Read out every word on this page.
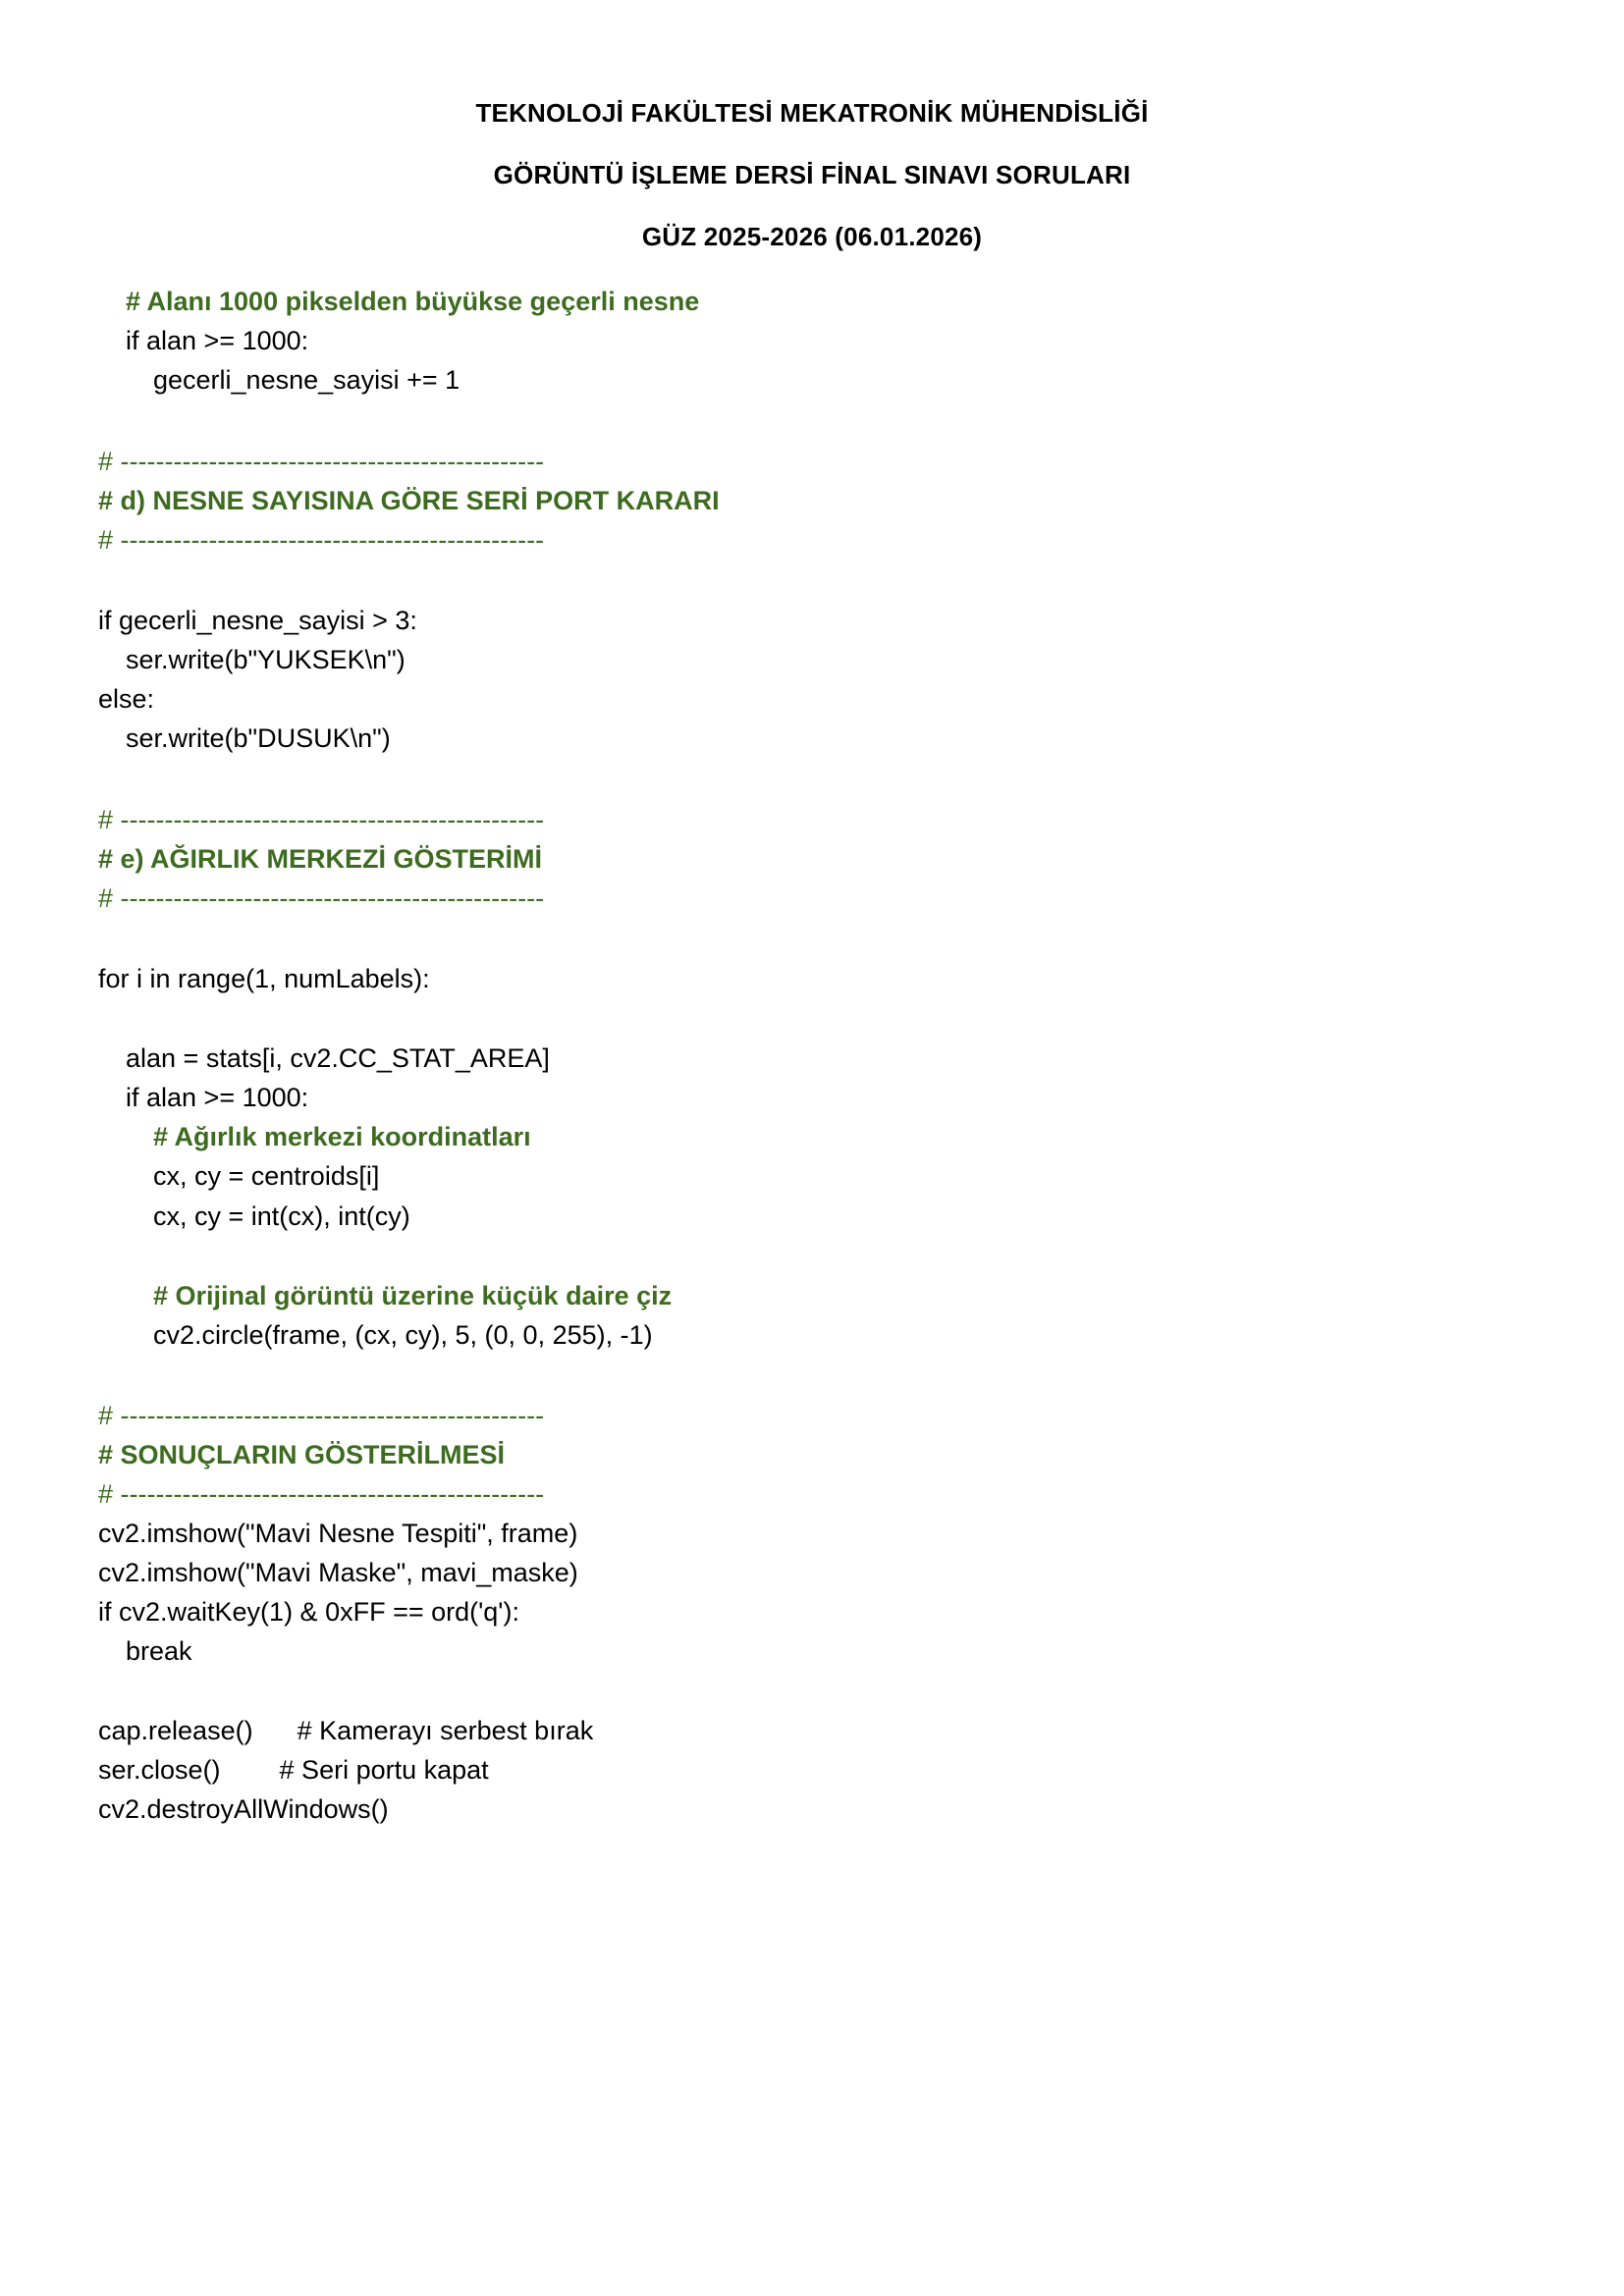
TEKNOLOJİ FAKÜLTESİ MEKATRONİK MÜHENDİSLİĞİ
GÖRÜNTÜ İŞLEME DERSİ FİNAL SINAVI SORULARI
GÜZ 2025-2026 (06.01.2026)
# Alanı 1000 pikselden büyükse geçerli nesne
if alan >= 1000:
gecerli_nesne_sayisi += 1
# ------------------------------------------------
# d) NESNE SAYISINA GÖRE SERİ PORT KARARI
# ------------------------------------------------
if gecerli_nesne_sayisi > 3:
ser.write(b"YUKSEK\n")
else:
ser.write(b"DUSUK\n")
# ------------------------------------------------
# e) AĞIRLIK MERKEZİ GÖSTERİMİ
# ------------------------------------------------
for i in range(1, numLabels):
alan = stats[i, cv2.CC_STAT_AREA]
if alan >= 1000:
# Ağırlık merkezi koordinatları
cx, cy = centroids[i]
cx, cy = int(cx), int(cy)
# Orijinal görüntü üzerine küçük daire çiz
cv2.circle(frame, (cx, cy), 5, (0, 0, 255), -1)
# ------------------------------------------------
# SONUÇLARIN GÖSTERİLMESİ
# ------------------------------------------------
cv2.imshow("Mavi Nesne Tespiti", frame)
cv2.imshow("Mavi Maske", mavi_maske)
if cv2.waitKey(1) & 0xFF == ord('q'):
break
cap.release()      # Kamerayı serbest bırak
ser.close()        # Seri portu kapat
cv2.destroyAllWindows()
